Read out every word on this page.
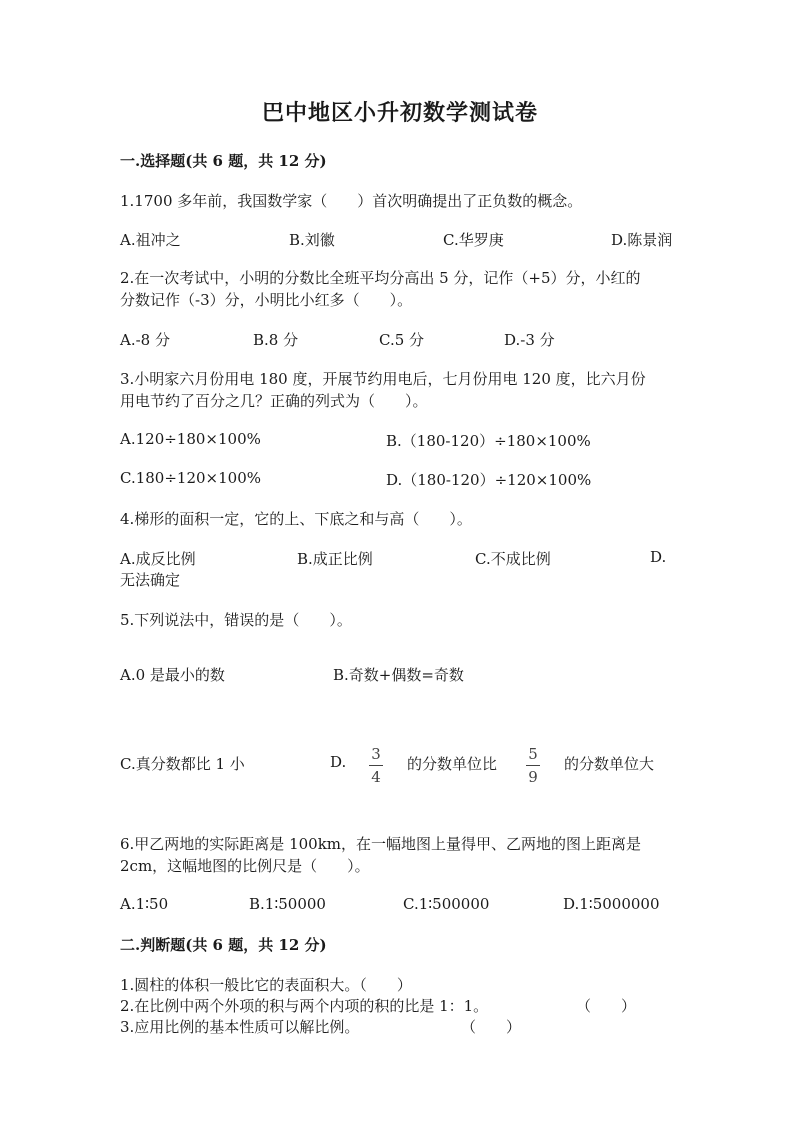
巴中地区小升初数学测试卷
一.选择题(共 6 题，共 12 分)
1.1700 多年前，我国数学家（　　）首次明确提出了正负数的概念。
A.祖冲之	B.刘徽	C.华罗庚	D.陈景润
2.在一次考试中，小明的分数比全班平均分高出 5 分，记作（+5）分，小红的
分数记作（-3）分，小明比小红多（　　）。
A.-8 分	B.8 分	C.5 分	D.-3 分
3.小明家六月份用电 180 度，开展节约用电后，七月份用电 120 度，比六月份
用电节约了百分之几？正确的列式为（　　）。
A.120÷180×100%	B.（180-120）÷180×100%
C.180÷120×100%	D.（180-120）÷120×100%
4.梯形的面积一定，它的上、下底之和与高（　　）。
A.成反比例	B.成正比例	C.不成比例	D.
无法确定
5.下列说法中，错误的是（　　）。
A.0 是最小的数	B.奇数+偶数=奇数
C.真分数都比 1 小	D. 3
4
的分数单位比
5
9
的分数单位大
6.甲乙两地的实际距离是 100km，在一幅地图上量得甲、乙两地的图上距离是
2cm，这幅地图的比例尺是（　　）。
A.1∶50	B.1∶50000	C.1∶500000	D.1∶5000000
二.判断题(共 6 题，共 12 分)
1.圆柱的体积一般比它的表面积大。（　　）
2.在比例中两个外项的积与两个内项的积的比是 1：1。	（　　）
3.应用比例的基本性质可以解比例。	（　　）
